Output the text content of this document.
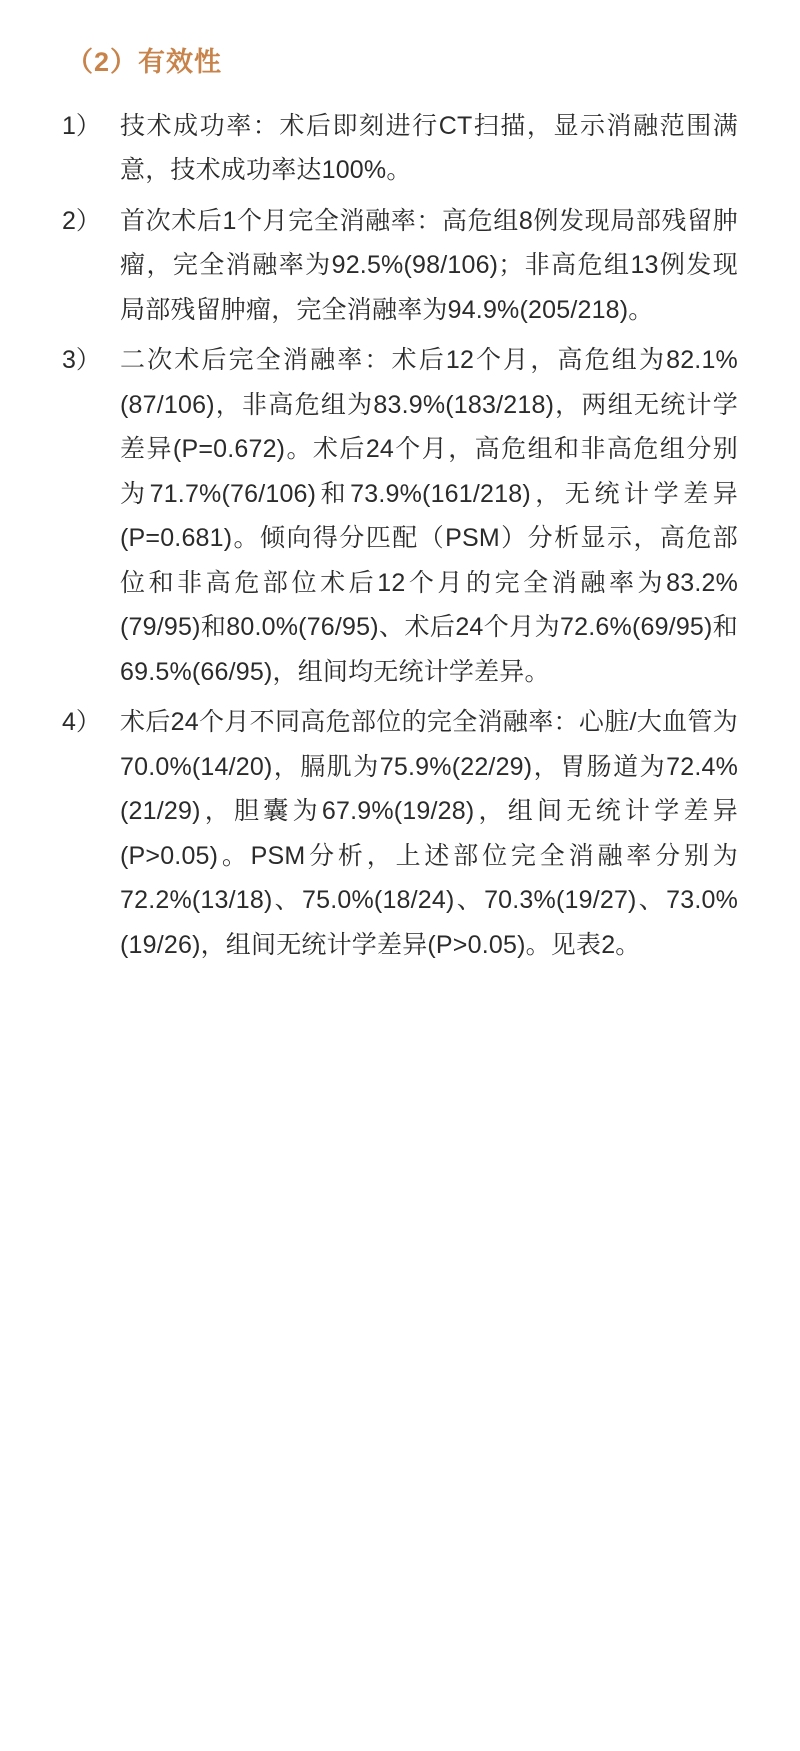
（2）有效性
1） 技术成功率：术后即刻进行CT扫描，显示消融范围满意，技术成功率达100%。
2） 首次术后1个月完全消融率：高危组8例发现局部残留肿瘤，完全消融率为92.5%(98/106)；非高危组13例发现局部残留肿瘤，完全消融率为94.9%(205/218)。
3） 二次术后完全消融率：术后12个月，高危组为82.1%(87/106)，非高危组为83.9%(183/218)，两组无统计学差异(P=0.672)。术后24个月，高危组和非高危组分别为71.7%(76/106)和73.9%(161/218)，无统计学差异(P=0.681)。倾向得分匹配（PSM）分析显示，高危部位和非高危部位术后12个月的完全消融率为83.2%(79/95)和80.0%(76/95)、术后24个月为72.6%(69/95)和69.5%(66/95)，组间均无统计学差异。
4） 术后24个月不同高危部位的完全消融率：心脏/大血管为70.0%(14/20)，膈肌为75.9%(22/29)，胃肠道为72.4%(21/29)，胆囊为67.9%(19/28)，组间无统计学差异(P>0.05)。PSM分析，上述部位完全消融率分别为72.2%(13/18)、75.0%(18/24)、70.3%(19/27)、73.0%(19/26)，组间无统计学差异(P>0.05)。见表2。
